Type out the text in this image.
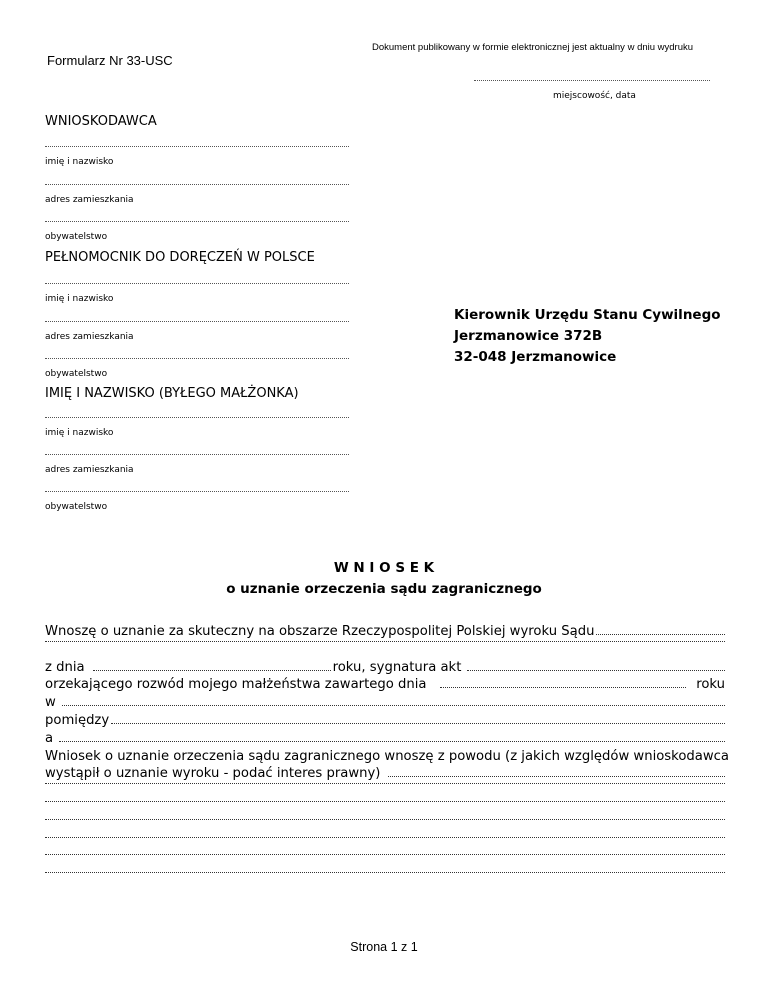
Dokument publikowany w formie elektronicznej jest aktualny w dniu wydruku
Formularz Nr 33-USC
miejscowość, data
WNIOSKODAWCA
imię i nazwisko
adres zamieszkania
obywatelstwo
PEŁNOMOCNIK DO DORĘCZEŃ W POLSCE
imię i nazwisko
adres zamieszkania
obywatelstwo
Kierownik Urzędu Stanu Cywilnego
Jerzmanowice 372B
32-048 Jerzmanowice
IMIĘ I NAZWISKO (BYŁEGO MAŁŻONKA)
imię i nazwisko
adres zamieszkania
obywatelstwo
W N I O S E K
o uznanie orzeczenia sądu zagranicznego
Wnoszę o uznanie za skuteczny na obszarze Rzeczypospolitej Polskiej wyroku Sądu
z dnia	roku, sygnatura akt
orzekającego rozwód mojego małżeństwa zawartego dnia	roku
w
pomiędzy
a
Wniosek o uznanie orzeczenia sądu zagranicznego wnoszę z powodu (z jakich względów wnioskodawca
wystąpił o uznanie wyroku - podać interes prawny)
Strona 1 z 1
